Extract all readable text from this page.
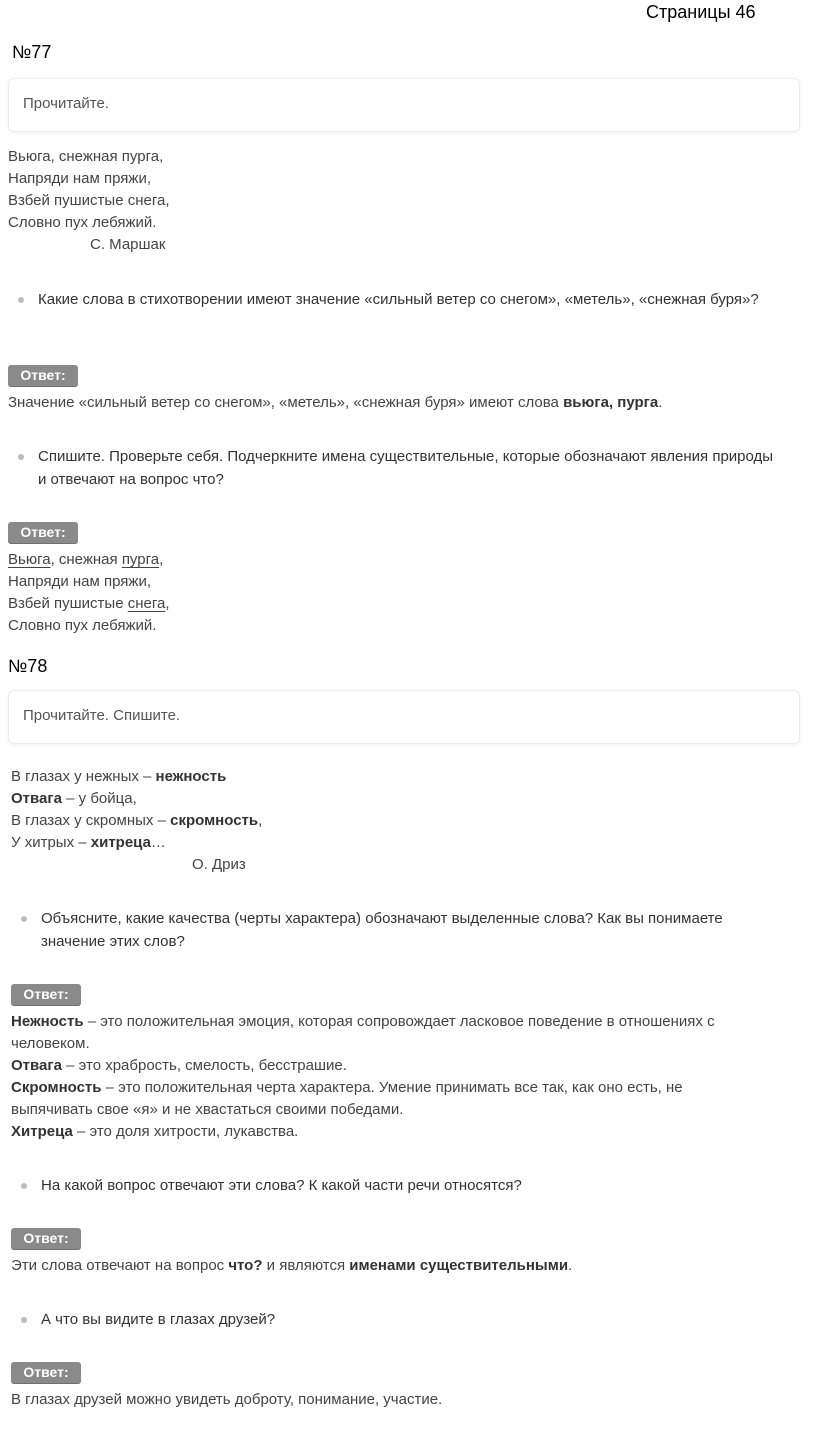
Страницы 46
№77
Прочитайте.
Вьюга, снежная пурга,
Напряди нам пряжи,
Взбей пушистые снега,
Словно пух лебяжий.
С. Маршак
Какие слова в стихотворении имеют значение «сильный ветер со снегом», «метель», «снежная буря»?
Ответ:
Значение «сильный ветер со снегом», «метель», «снежная буря» имеют слова вьюга, пурга.
Спишите. Проверьте себя. Подчеркните имена существительные, которые обозначают явления природы и отвечают на вопрос что?
Ответ:
Вьюга, снежная пурга,
Напряди нам пряжи,
Взбей пушистые снега,
Словно пух лебяжий.
№78
Прочитайте. Спишите.
В глазах у нежных – нежность
Отвага – у бойца,
В глазах у скромных – скромность,
У хитрых – хитреца…
О. Дриз
Объясните, какие качества (черты характера) обозначают выделенные слова? Как вы понимаете значение этих слов?
Ответ:
Нежность – это положительная эмоция, которая сопровождает ласковое поведение в отношениях с
человеком.
Отвага – это храбрость, смелость, бесстрашие.
Скромность – это положительная черта характера. Умение принимать все так, как оно есть, не
выпячивать свое «я» и не хвастаться своими победами.
Хитреца – это доля хитрости, лукавства.
На какой вопрос отвечают эти слова? К какой части речи относятся?
Ответ:
Эти слова отвечают на вопрос что? и являются именами существительными.
А что вы видите в глазах друзей?
Ответ:
В глазах друзей можно увидеть доброту, понимание, участие.
